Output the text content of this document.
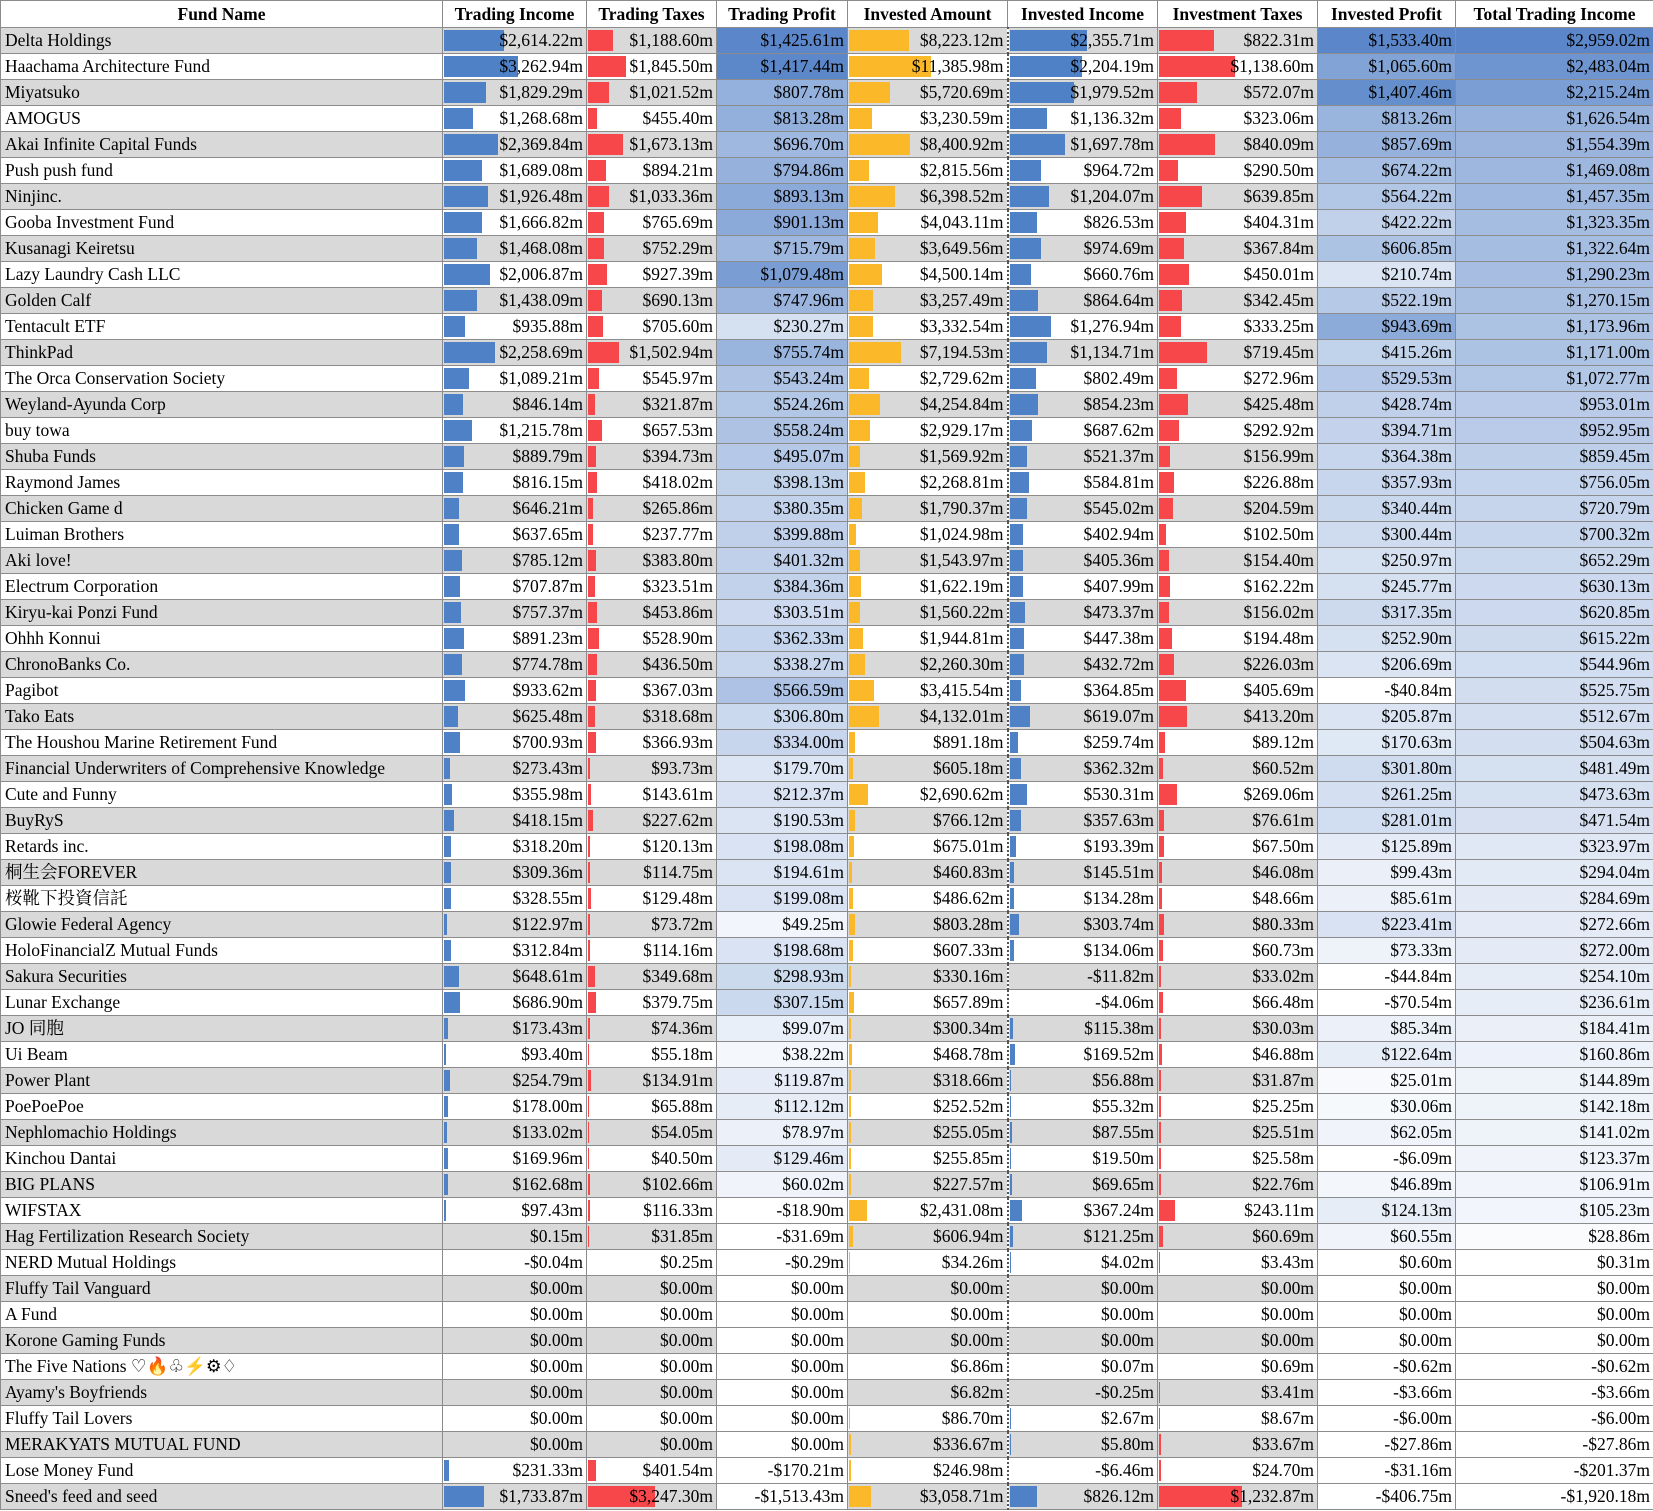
Fund Name	Trading Income	Trading Taxes	Trading Profit	Invested Amount	Invested Income	Investment Taxes	Invested Profit	Total Trading Income
Delta Holdings	$2,614.22m	$1,188.60m	$1,425.61m	$8,223.12m	$2,355.71m	$822.31m	$1,533.40m	$2,959.02m
Haachama Architecture Fund	$3,262.94m	$1,845.50m	$1,417.44m	$11,385.98m	$2,204.19m	$1,138.60m	$1,065.60m	$2,483.04m
Miyatsuko	$1,829.29m	$1,021.52m	$807.78m	$5,720.69m	$1,979.52m	$572.07m	$1,407.46m	$2,215.24m
AMOGUS	$1,268.68m	$455.40m	$813.28m	$3,230.59m	$1,136.32m	$323.06m	$813.26m	$1,626.54m
Akai Infinite Capital Funds	$2,369.84m	$1,673.13m	$696.70m	$8,400.92m	$1,697.78m	$840.09m	$857.69m	$1,554.39m
Push push fund	$1,689.08m	$894.21m	$794.86m	$2,815.56m	$964.72m	$290.50m	$674.22m	$1,469.08m
Ninjinc.	$1,926.48m	$1,033.36m	$893.13m	$6,398.52m	$1,204.07m	$639.85m	$564.22m	$1,457.35m
Gooba Investment Fund	$1,666.82m	$765.69m	$901.13m	$4,043.11m	$826.53m	$404.31m	$422.22m	$1,323.35m
Kusanagi Keiretsu	$1,468.08m	$752.29m	$715.79m	$3,649.56m	$974.69m	$367.84m	$606.85m	$1,322.64m
Lazy Laundry Cash LLC	$2,006.87m	$927.39m	$1,079.48m	$4,500.14m	$660.76m	$450.01m	$210.74m	$1,290.23m
Golden Calf	$1,438.09m	$690.13m	$747.96m	$3,257.49m	$864.64m	$342.45m	$522.19m	$1,270.15m
Tentacult ETF	$935.88m	$705.60m	$230.27m	$3,332.54m	$1,276.94m	$333.25m	$943.69m	$1,173.96m
ThinkPad	$2,258.69m	$1,502.94m	$755.74m	$7,194.53m	$1,134.71m	$719.45m	$415.26m	$1,171.00m
The Orca Conservation Society	$1,089.21m	$545.97m	$543.24m	$2,729.62m	$802.49m	$272.96m	$529.53m	$1,072.77m
Weyland-Ayunda Corp	$846.14m	$321.87m	$524.26m	$4,254.84m	$854.23m	$425.48m	$428.74m	$953.01m
buy towa	$1,215.78m	$657.53m	$558.24m	$2,929.17m	$687.62m	$292.92m	$394.71m	$952.95m
Shuba Funds	$889.79m	$394.73m	$495.07m	$1,569.92m	$521.37m	$156.99m	$364.38m	$859.45m
Raymond James	$816.15m	$418.02m	$398.13m	$2,268.81m	$584.81m	$226.88m	$357.93m	$756.05m
Chicken Game d	$646.21m	$265.86m	$380.35m	$1,790.37m	$545.02m	$204.59m	$340.44m	$720.79m
Luiman Brothers	$637.65m	$237.77m	$399.88m	$1,024.98m	$402.94m	$102.50m	$300.44m	$700.32m
Aki love!	$785.12m	$383.80m	$401.32m	$1,543.97m	$405.36m	$154.40m	$250.97m	$652.29m
Electrum Corporation	$707.87m	$323.51m	$384.36m	$1,622.19m	$407.99m	$162.22m	$245.77m	$630.13m
Kiryu-kai Ponzi Fund	$757.37m	$453.86m	$303.51m	$1,560.22m	$473.37m	$156.02m	$317.35m	$620.85m
Ohhh Konnui	$891.23m	$528.90m	$362.33m	$1,944.81m	$447.38m	$194.48m	$252.90m	$615.22m
ChronoBanks Co.	$774.78m	$436.50m	$338.27m	$2,260.30m	$432.72m	$226.03m	$206.69m	$544.96m
Pagibot	$933.62m	$367.03m	$566.59m	$3,415.54m	$364.85m	$405.69m	-$40.84m	$525.75m
Tako Eats	$625.48m	$318.68m	$306.80m	$4,132.01m	$619.07m	$413.20m	$205.87m	$512.67m
The Houshou Marine Retirement Fund	$700.93m	$366.93m	$334.00m	$891.18m	$259.74m	$89.12m	$170.63m	$504.63m
Financial Underwriters of Comprehensive Knowledge	$273.43m	$93.73m	$179.70m	$605.18m	$362.32m	$60.52m	$301.80m	$481.49m
Cute and Funny	$355.98m	$143.61m	$212.37m	$2,690.62m	$530.31m	$269.06m	$261.25m	$473.63m
BuyRyS	$418.15m	$227.62m	$190.53m	$766.12m	$357.63m	$76.61m	$281.01m	$471.54m
Retards inc.	$318.20m	$120.13m	$198.08m	$675.01m	$193.39m	$67.50m	$125.89m	$323.97m
桐生会FOREVER	$309.36m	$114.75m	$194.61m	$460.83m	$145.51m	$46.08m	$99.43m	$294.04m
桜靴下投資信託	$328.55m	$129.48m	$199.08m	$486.62m	$134.28m	$48.66m	$85.61m	$284.69m
Glowie Federal Agency	$122.97m	$73.72m	$49.25m	$803.28m	$303.74m	$80.33m	$223.41m	$272.66m
HoloFinancialZ Mutual Funds	$312.84m	$114.16m	$198.68m	$607.33m	$134.06m	$60.73m	$73.33m	$272.00m
Sakura Securities	$648.61m	$349.68m	$298.93m	$330.16m	-$11.82m	$33.02m	-$44.84m	$254.10m
Lunar Exchange	$686.90m	$379.75m	$307.15m	$657.89m	-$4.06m	$66.48m	-$70.54m	$236.61m
JO 同胞	$173.43m	$74.36m	$99.07m	$300.34m	$115.38m	$30.03m	$85.34m	$184.41m
Ui Beam	$93.40m	$55.18m	$38.22m	$468.78m	$169.52m	$46.88m	$122.64m	$160.86m
Power Plant	$254.79m	$134.91m	$119.87m	$318.66m	$56.88m	$31.87m	$25.01m	$144.89m
PoePoePoe	$178.00m	$65.88m	$112.12m	$252.52m	$55.32m	$25.25m	$30.06m	$142.18m
Nephlomachio Holdings	$133.02m	$54.05m	$78.97m	$255.05m	$87.55m	$25.51m	$62.05m	$141.02m
Kinchou Dantai	$169.96m	$40.50m	$129.46m	$255.85m	$19.50m	$25.58m	-$6.09m	$123.37m
BIG PLANS	$162.68m	$102.66m	$60.02m	$227.57m	$69.65m	$22.76m	$46.89m	$106.91m
WIFSTAX	$97.43m	$116.33m	-$18.90m	$2,431.08m	$367.24m	$243.11m	$124.13m	$105.23m
Hag Fertilization Research Society	$0.15m	$31.85m	-$31.69m	$606.94m	$121.25m	$60.69m	$60.55m	$28.86m
NERD Mutual Holdings	-$0.04m	$0.25m	-$0.29m	$34.26m	$4.02m	$3.43m	$0.60m	$0.31m
Fluffy Tail Vanguard	$0.00m	$0.00m	$0.00m	$0.00m	$0.00m	$0.00m	$0.00m	$0.00m
A Fund	$0.00m	$0.00m	$0.00m	$0.00m	$0.00m	$0.00m	$0.00m	$0.00m
Korone Gaming Funds	$0.00m	$0.00m	$0.00m	$0.00m	$0.00m	$0.00m	$0.00m	$0.00m
The Five Nations ♡🔥♧⚡⚙♢	$0.00m	$0.00m	$0.00m	$6.86m	$0.07m	$0.69m	-$0.62m	-$0.62m
Ayamy's Boyfriends	$0.00m	$0.00m	$0.00m	$6.82m	-$0.25m	$3.41m	-$3.66m	-$3.66m
Fluffy Tail Lovers	$0.00m	$0.00m	$0.00m	$86.70m	$2.67m	$8.67m	-$6.00m	-$6.00m
MERAKYATS MUTUAL FUND	$0.00m	$0.00m	$0.00m	$336.67m	$5.80m	$33.67m	-$27.86m	-$27.86m
Lose Money Fund	$231.33m	$401.54m	-$170.21m	$246.98m	-$6.46m	$24.70m	-$31.16m	-$201.37m
Sneed's feed and seed	$1,733.87m	$3,247.30m	-$1,513.43m	$3,058.71m	$826.12m	$1,232.87m	-$406.75m	-$1,920.18m
